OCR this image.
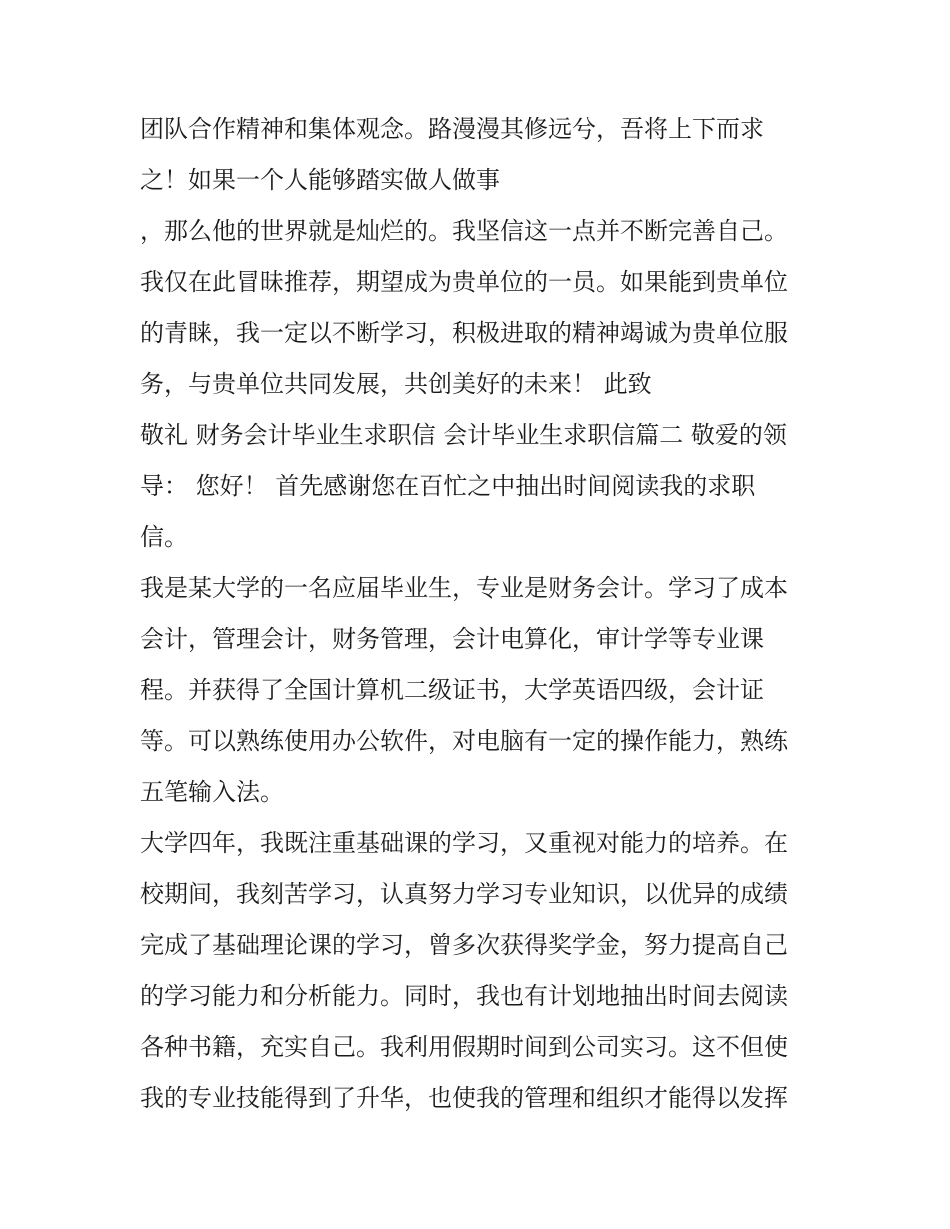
团队合作精神和集体观念。路漫漫其修远兮，吾将上下而求
之！如果一个人能够踏实做人做事
，那么他的世界就是灿烂的。我坚信这一点并不断完善自己。
我仅在此冒昧推荐，期望成为贵单位的一员。如果能到贵单位
的青睐，我一定以不断学习，积极进取的精神竭诚为贵单位服
务，与贵单位共同发展，共创美好的未来！ 此致
敬礼 财务会计毕业生求职信 会计毕业生求职信篇二 敬爱的领
导： 您好！ 首先感谢您在百忙之中抽出时间阅读我的求职
信。
我是某大学的一名应届毕业生，专业是财务会计。学习了成本
会计，管理会计，财务管理，会计电算化，审计学等专业课
程。并获得了全国计算机二级证书，大学英语四级，会计证
等。可以熟练使用办公软件，对电脑有一定的操作能力，熟练
五笔输入法。
大学四年，我既注重基础课的学习，又重视对能力的培养。在
校期间，我刻苦学习，认真努力学习专业知识，以优异的成绩
完成了基础理论课的学习，曾多次获得奖学金，努力提高自己
的学习能力和分析能力。同时，我也有计划地抽出时间去阅读
各种书籍，充实自己。我利用假期时间到公司实习。这不但使
我的专业技能得到了升华，也使我的管理和组织才能得以发挥
